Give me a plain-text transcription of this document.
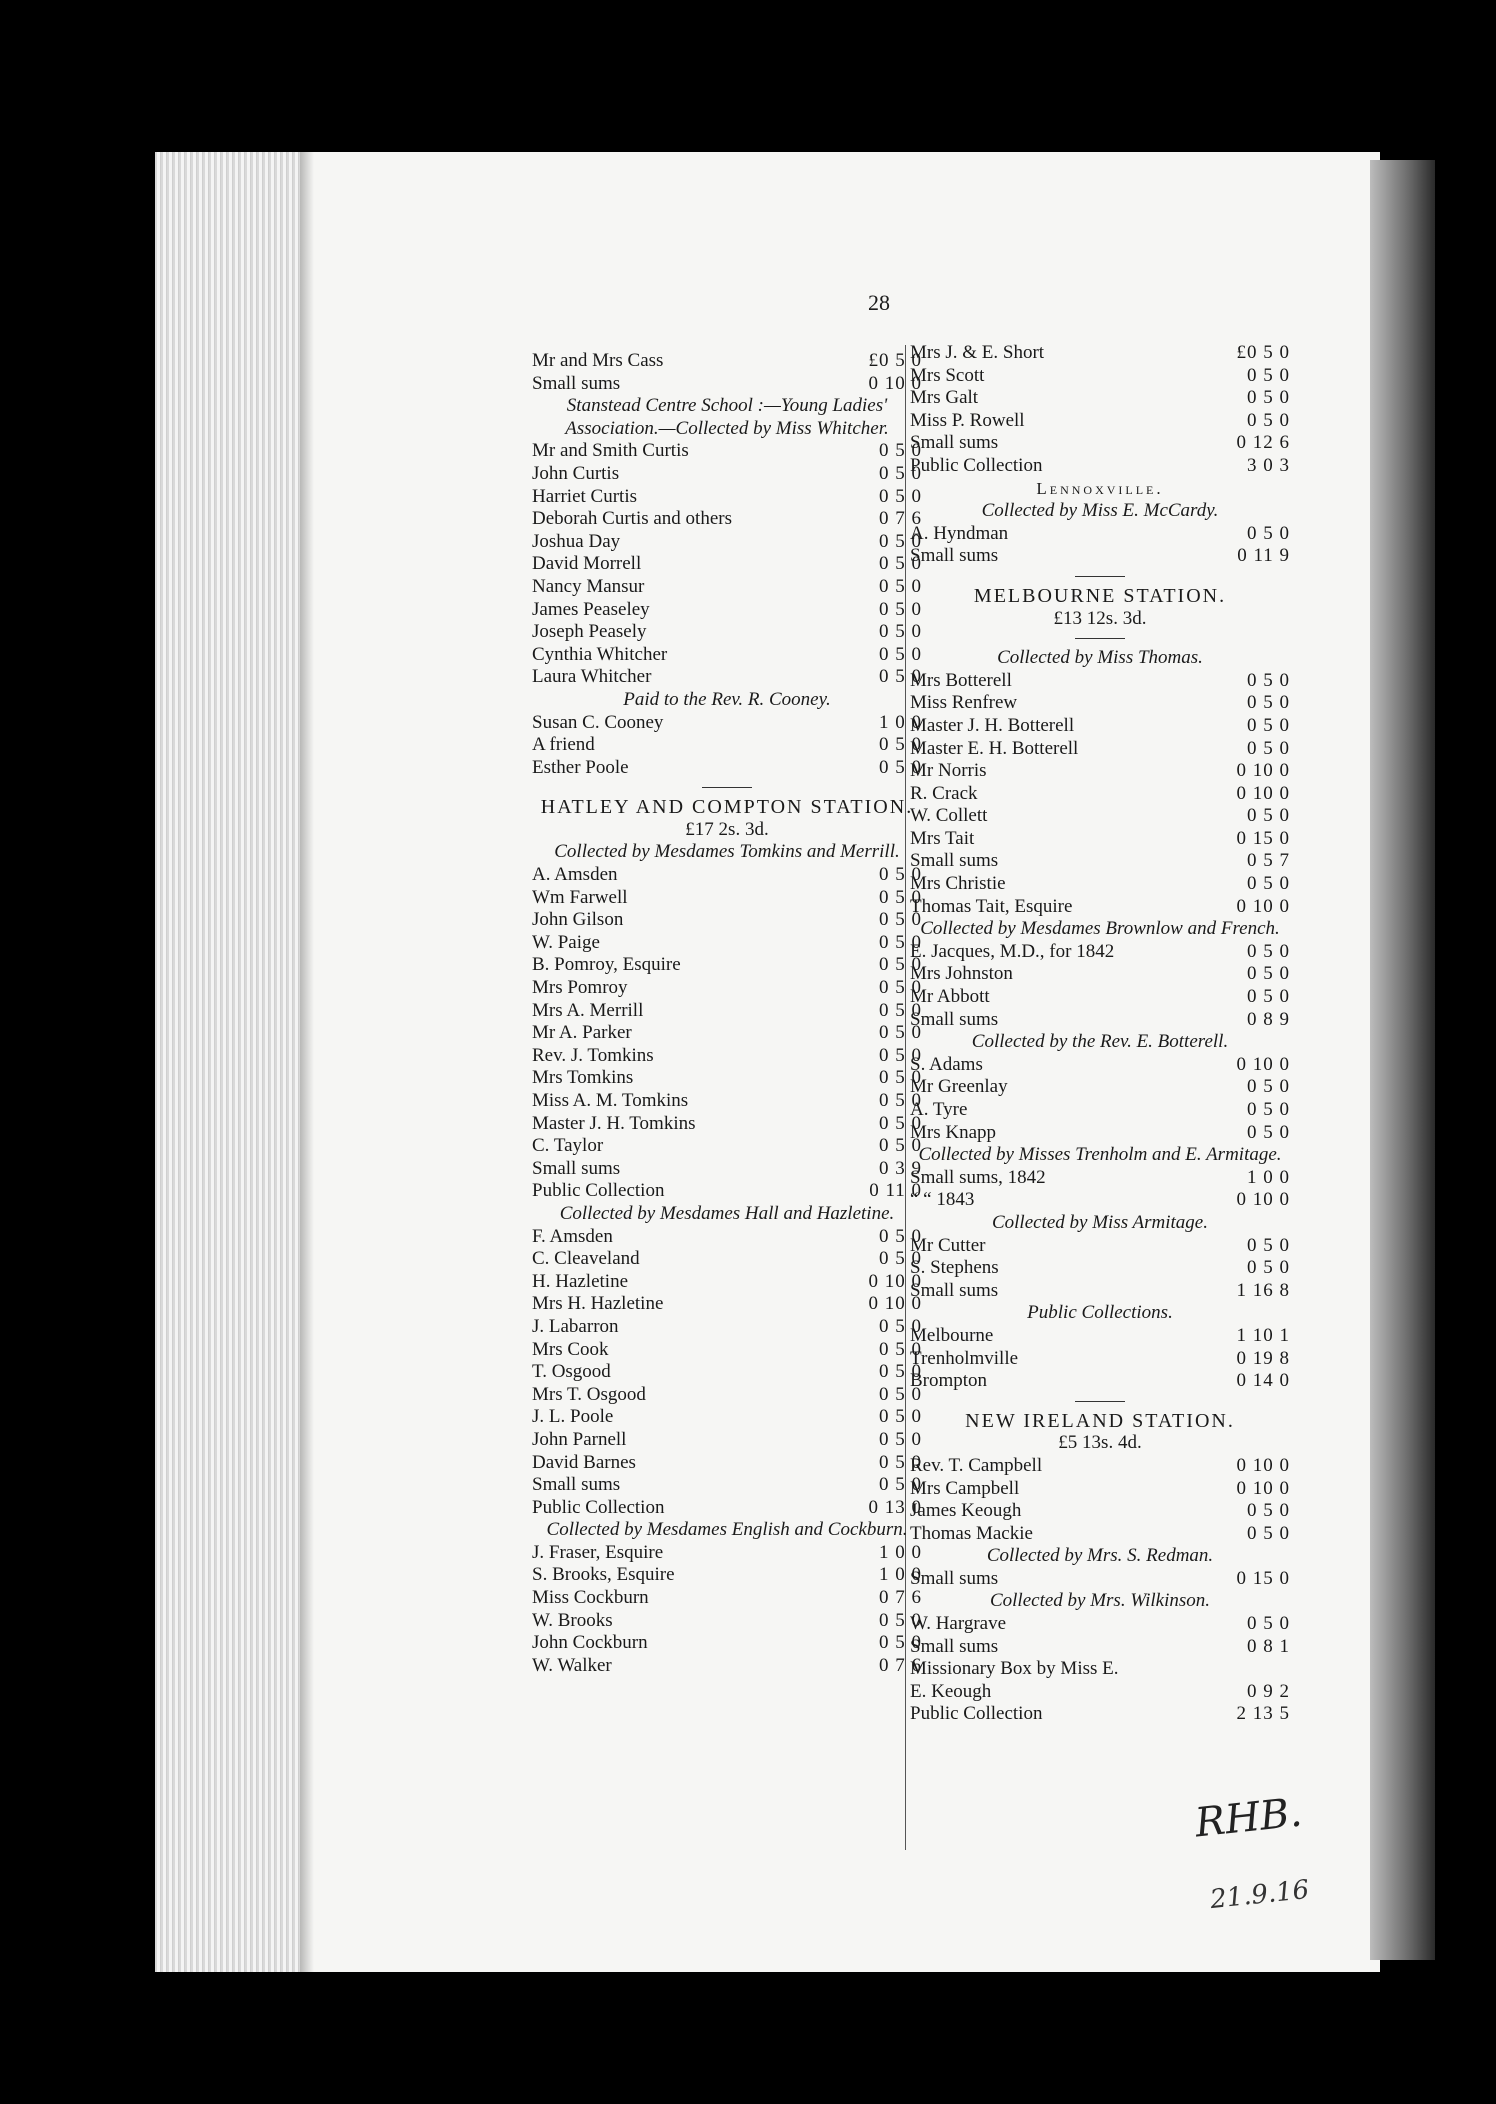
28
Mr and Mrs Cass	£0 5 0
Small sums	0 10 0
Stanstead Centre School :—Young Ladies' Association.—Collected by Miss Whitcher.
Mr and Smith Curtis	0 5 0
John Curtis	0 5 0
Harriet Curtis	0 5 0
Deborah Curtis and others	0 7 6
Joshua Day	0 5 0
David Morrell	0 5 0
Nancy Mansur	0 5 0
James Peaseley	0 5 0
Joseph Peasely	0 5 0
Cynthia Whitcher	0 5 0
Laura Whitcher	0 5 0
Paid to the Rev. R. Cooney.
Susan C. Cooney	1 0 0
A friend	0 5 0
Esther Poole	0 5 0
HATLEY AND COMPTON STATION.
£17 2s. 3d.
Collected by Mesdames Tomkins and Merrill.
A. Amsden	0 5 0
Wm Farwell	0 5 0
John Gilson	0 5 0
W. Paige	0 5 0
B. Pomroy, Esquire	0 5 0
Mrs Pomroy	0 5 0
Mrs A. Merrill	0 5 0
Mr A. Parker	0 5 0
Rev. J. Tomkins	0 5 0
Mrs Tomkins	0 5 0
Miss A. M. Tomkins	0 5 0
Master J. H. Tomkins	0 5 0
C. Taylor	0 5 0
Small sums	0 3 9
Public Collection	0 11 0
Collected by Mesdames Hall and Hazletine.
F. Amsden	0 5 0
C. Cleaveland	0 5 0
H. Hazletine	0 10 0
Mrs H. Hazletine	0 10 0
J. Labarron	0 5 0
Mrs Cook	0 5 0
T. Osgood	0 5 0
Mrs T. Osgood	0 5 0
J. L. Poole	0 5 0
John Parnell	0 5 0
David Barnes	0 5 0
Small sums	0 5 0
Public Collection	0 13 0
Collected by Mesdames English and Cockburn.
J. Fraser, Esquire	1 0 0
S. Brooks, Esquire	1 0 0
Miss Cockburn	0 7 6
W. Brooks	0 5 0
John Cockburn	0 5 0
W. Walker	0 7 6
Mrs J. & E. Short	£0 5 0
Mrs Scott	0 5 0
Mrs Galt	0 5 0
Miss P. Rowell	0 5 0
Small sums	0 12 6
Public Collection	3 0 3
Lennoxville.
Collected by Miss E. McCardy.
A. Hyndman	0 5 0
Small sums	0 11 9
MELBOURNE STATION.
£13 12s. 3d.
Collected by Miss Thomas.
Mrs Botterell	0 5 0
Miss Renfrew	0 5 0
Master J. H. Botterell	0 5 0
Master E. H. Botterell	0 5 0
Mr Norris	0 10 0
R. Crack	0 10 0
W. Collett	0 5 0
Mrs Tait	0 15 0
Small sums	0 5 7
Mrs Christie	0 5 0
Thomas Tait, Esquire	0 10 0
Collected by Mesdames Brownlow and French.
E. Jacques, M.D., for 1842	0 5 0
Mrs Johnston	0 5 0
Mr Abbott	0 5 0
Small sums	0 8 9
Collected by the Rev. E. Botterell.
S. Adams	0 10 0
Mr Greenlay	0 5 0
A. Tyre	0 5 0
Mrs Knapp	0 5 0
Collected by Misses Trenholm and E. Armitage.
Small sums, 1842	1 0 0
“ “ 1843	0 10 0
Collected by Miss Armitage.
Mr Cutter	0 5 0
S. Stephens	0 5 0
Small sums	1 16 8
Public Collections.
Melbourne	1 10 1
Trenholmville	0 19 8
Brompton	0 14 0
NEW IRELAND STATION.
£5 13s. 4d.
Rev. T. Campbell	0 10 0
Mrs Campbell	0 10 0
James Keough	0 5 0
Thomas Mackie	0 5 0
Collected by Mrs. S. Redman.
Small sums	0 15 0
Collected by Mrs. Wilkinson.
W. Hargrave	0 5 0
Small sums	0 8 1
Missionary Box by Miss E.
E. Keough	0 9 2
Public Collection	2 13 5
RHB.
21.9.16
